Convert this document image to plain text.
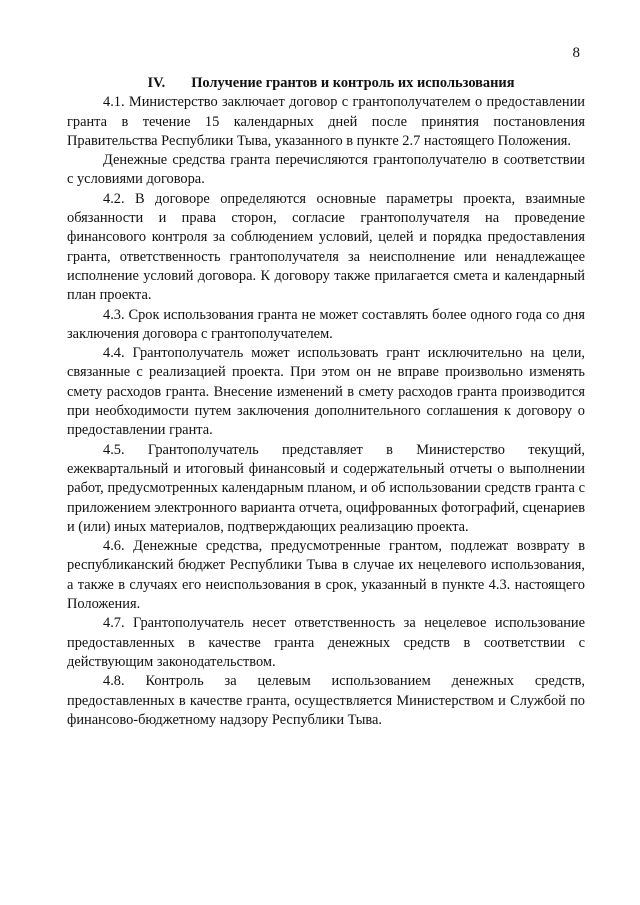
8
IV. Получение грантов и контроль их использования

4.1. Министерство заключает договор с грантополучателем о предоставлении гранта в течение 15 календарных дней после принятия постановления Правительства Республики Тыва, указанного в пункте 2.7 настоящего Положения.

Денежные средства гранта перечисляются грантополучателю в соответствии с условиями договора.

4.2. В договоре определяются основные параметры проекта, взаимные обязанности и права сторон, согласие грантополучателя на проведение финансового контроля за соблюдением условий, целей и порядка предоставления гранта, ответственность грантополучателя за неисполнение или ненадлежащее исполнение условий договора. К договору также прилагается смета и календарный план проекта.

4.3. Срок использования гранта не может составлять более одного года со дня заключения договора с грантополучателем.

4.4. Грантополучатель может использовать грант исключительно на цели, связанные с реализацией проекта. При этом он не вправе произвольно изменять смету расходов гранта. Внесение изменений в смету расходов гранта производится при необходимости путем заключения дополнительного соглашения к договору о предоставлении гранта.

4.5. Грантополучатель представляет в Министерство текущий, ежеквартальный и итоговый финансовый и содержательный отчеты о выполнении работ, предусмотренных календарным планом, и об использовании средств гранта с приложением электронного варианта отчета, оцифрованных фотографий, сценариев и (или) иных материалов, подтверждающих реализацию проекта.

4.6. Денежные средства, предусмотренные грантом, подлежат возврату в республиканский бюджет Республики Тыва в случае их нецелевого использования, а также в случаях его неиспользования в срок, указанный в пункте 4.3. настоящего Положения.

4.7. Грантополучатель несет ответственность за нецелевое использование предоставленных в качестве гранта денежных средств в соответствии с действующим законодательством.

4.8. Контроль за целевым использованием денежных средств, предоставленных в качестве гранта, осуществляется Министерством и Службой по финансово-бюджетному надзору Республики Тыва.
